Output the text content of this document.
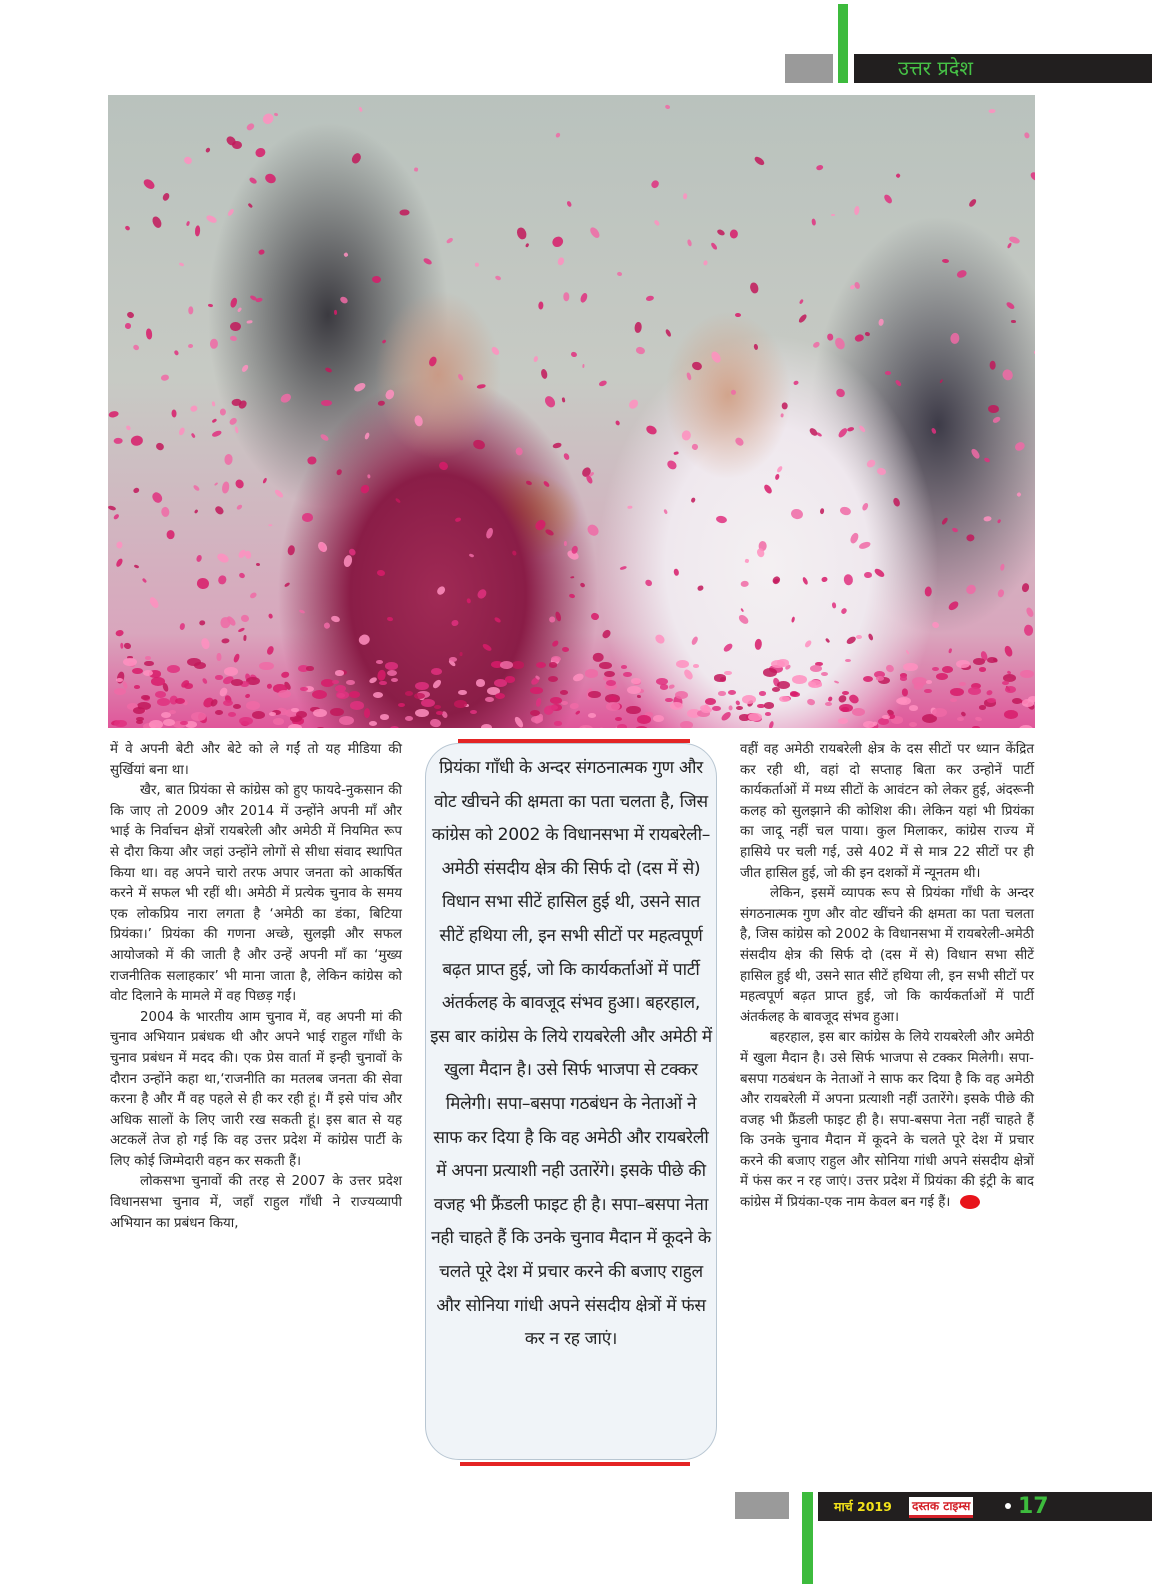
उत्तर प्रदेश

में वे अपनी बेटी और बेटे को ले गईं तो यह मीडिया की सुर्खियां बना था।

खैर, बात प्रियंका से कांग्रेस को हुए फायदे-नुकसान की कि जाए तो 2009 और 2014 में उन्होंने अपनी माँ और भाई के निर्वाचन क्षेत्रों रायबरेली और अमेठी में नियमित रूप से दौरा किया और जहां उन्होंने लोगों से सीधा संवाद स्थापित किया था। वह अपने चारो तरफ अपार जनता को आकर्षित करने में सफल भी रहीं थी। अमेठी में प्रत्येक चुनाव के समय एक लोकप्रिय नारा लगता है ‘अमेठी का डंका, बिटिया प्रियंका।’ प्रियंका की गणना अच्छे, सुलझी और सफल आयोजको में की जाती है और उन्हें अपनी माँ का ‘मुख्य राजनीतिक सलाहकार’ भी माना जाता है, लेकिन कांग्रेस को वोट दिलाने के मामले में वह पिछड़ गईं।

2004 के भारतीय आम चुनाव में, वह अपनी मां की चुनाव अभियान प्रबंधक थी और अपने भाई राहुल गाँधी के चुनाव प्रबंधन में मदद की। एक प्रेस वार्ता में इन्ही चुनावों के दौरान उन्होंने कहा था,‘राजनीति का मतलब जनता की सेवा करना है और मैं वह पहले से ही कर रही हूं। मैं इसे पांच और अधिक सालों के लिए जारी रख सकती हूं। इस बात से यह अटकलें तेज हो गई कि वह उत्तर प्रदेश में कांग्रेस पार्टी के लिए कोई जिम्मेदारी वहन कर सकती हैं।

लोकसभा चुनावों की तरह से 2007 के उत्तर प्रदेश विधानसभा चुनाव में, जहाँ राहुल गाँधी ने राज्यव्यापी अभियान का प्रबंधन किया,

प्रियंका गाँधी के अन्दर संगठनात्मक गुण और वोट खीचने की क्षमता का पता चलता है, जिस कांग्रेस को 2002 के विधानसभा में रायबरेली–अमेठी संसदीय क्षेत्र की सिर्फ दो (दस में से) विधान सभा सीटें हासिल हुई थी, उसने सात सीटें हथिया ली, इन सभी सीटों पर महत्वपूर्ण बढ़त प्राप्त हुई, जो कि कार्यकर्ताओं में पार्टी अंतर्कलह के बावजूद संभव हुआ। बहरहाल, इस बार कांग्रेस के लिये रायबरेली और अमेठी में खुला मैदान है। उसे सिर्फ भाजपा से टक्कर मिलेगी। सपा–बसपा गठबंधन के नेताओं ने साफ कर दिया है कि वह अमेठी और रायबरेली में अपना प्रत्याशी नही उतारेंगे। इसके पीछे की वजह भी फ्रैंडली फाइट ही है। सपा–बसपा नेता नही चाहते हैं कि उनके चुनाव मैदान में कूदने के चलते पूरे देश में प्रचार करने की बजाए राहुल और सोनिया गांधी अपने संसदीय क्षेत्रों में फंस कर न रह जाएं।

वहीं वह अमेठी रायबरेली क्षेत्र के दस सीटों पर ध्यान केंद्रित कर रही थी, वहां दो सप्ताह बिता कर उन्होनें पार्टी कार्यकर्ताओं में मध्य सीटों के आवंटन को लेकर हुई, अंदरूनी कलह को सुलझाने की कोशिश की। लेकिन यहां भी प्रियंका का जादू नहीं चल पाया। कुल मिलाकर, कांग्रेस राज्य में हासिये पर चली गई, उसे 402 में से मात्र 22 सीटों पर ही जीत हासिल हुई, जो की इन दशकों में न्यूनतम थी।

लेकिन, इसमें व्यापक रूप से प्रियंका गाँधी के अन्दर संगठनात्मक गुण और वोट खींचने की क्षमता का पता चलता है, जिस कांग्रेस को 2002 के विधानसभा में रायबरेली-अमेठी संसदीय क्षेत्र की सिर्फ दो (दस में से) विधान सभा सीटें हासिल हुई थी, उसने सात सीटें हथिया ली, इन सभी सीटों पर महत्वपूर्ण बढ़त प्राप्त हुई, जो कि कार्यकर्ताओं में पार्टी अंतर्कलह के बावजूद संभव हुआ।

बहरहाल, इस बार कांग्रेस के लिये रायबरेली और अमेठी में खुला मैदान है। उसे सिर्फ भाजपा से टक्कर मिलेगी। सपा-बसपा गठबंधन के नेताओं ने साफ कर दिया है कि वह अमेठी और रायबरेली में अपना प्रत्याशी नहीं उतारेंगे। इसके पीछे की वजह भी फ्रैंडली फाइट ही है। सपा-बसपा नेता नहीं चाहते हैं कि उनके चुनाव मैदान में कूदने के चलते पूरे देश में प्रचार करने की बजाए राहुल और सोनिया गांधी अपने संसदीय क्षेत्रों में फंस कर न रह जाएं। उत्तर प्रदेश में प्रियंका की इंट्री के बाद कांग्रेस में प्रियंका-एक नाम केवल बन गई हैं।

मार्च 2019 दस्तक टाइम्स 17
